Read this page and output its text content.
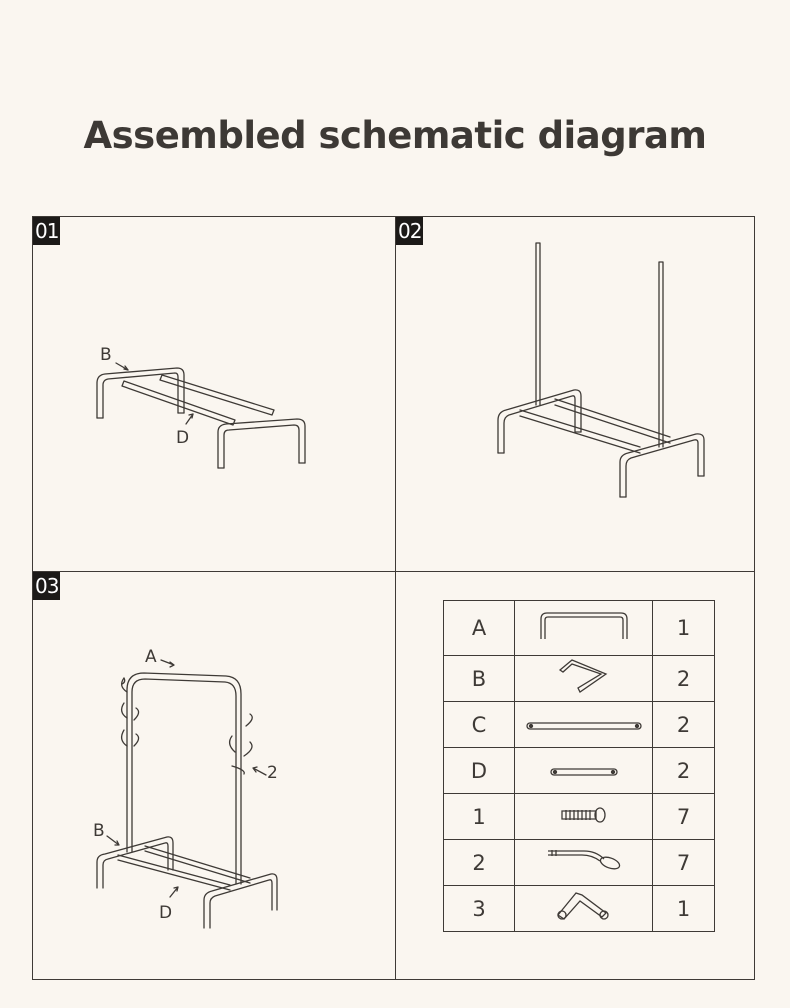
Assembled schematic diagram
01	02
03
B
D
A
2
B
D
A		1
B		2
C		2
D		2
1		7
2		7
3		1
